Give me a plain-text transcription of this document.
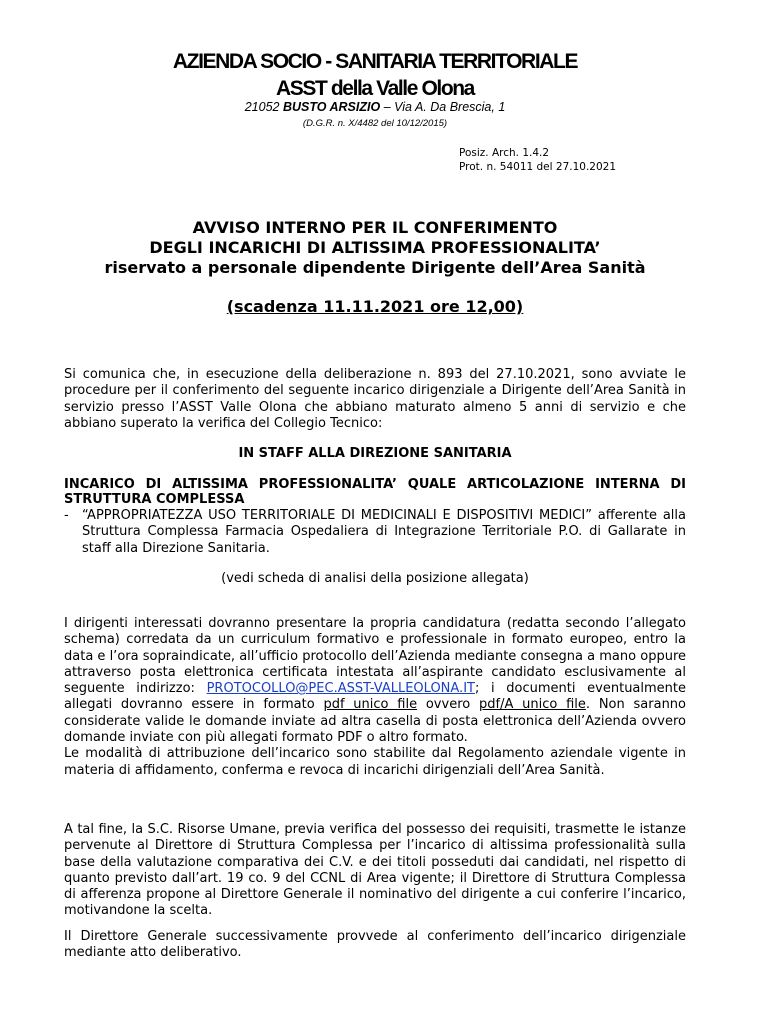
AZIENDA SOCIO - SANITARIA TERRITORIALE
ASST della Valle Olona
21052 BUSTO ARSIZIO – Via A. Da Brescia, 1
(D.G.R. n. X/4482 del 10/12/2015)
Posiz. Arch. 1.4.2
Prot. n. 54011 del 27.10.2021
AVVISO INTERNO PER IL CONFERIMENTO
DEGLI INCARICHI DI ALTISSIMA PROFESSIONALITA’
riservato a personale dipendente Dirigente dell’Area Sanità
(scadenza 11.11.2021 ore 12,00)
Si comunica che, in esecuzione della deliberazione n. 893 del 27.10.2021, sono avviate le procedure per il conferimento del seguente incarico dirigenziale a Dirigente dell’Area Sanità in servizio presso l’ASST Valle Olona che abbiano maturato almeno 5 anni di servizio e che abbiano superato la verifica del Collegio Tecnico:
IN STAFF ALLA DIREZIONE SANITARIA
INCARICO DI ALTISSIMA PROFESSIONALITA’ QUALE ARTICOLAZIONE INTERNA DI STRUTTURA COMPLESSA
- “APPROPRIATEZZA USO TERRITORIALE DI MEDICINALI E DISPOSITIVI MEDICI” afferente alla Struttura Complessa Farmacia Ospedaliera di Integrazione Territoriale P.O. di Gallarate in staff alla Direzione Sanitaria.
(vedi scheda di analisi della posizione allegata)
I dirigenti interessati dovranno presentare la propria candidatura (redatta secondo l’allegato schema) corredata da un curriculum formativo e professionale in formato europeo, entro la data e l’ora sopraindicate, all’ufficio protocollo dell’Azienda mediante consegna a mano oppure attraverso posta elettronica certificata intestata all’aspirante candidato esclusivamente al seguente indirizzo: PROTOCOLLO@PEC.ASST-VALLEOLONA.IT; i documenti eventualmente allegati dovranno essere in formato pdf unico file ovvero pdf/A unico file. Non saranno considerate valide le domande inviate ad altra casella di posta elettronica dell’Azienda ovvero domande inviate con più allegati formato PDF o altro formato.
Le modalità di attribuzione dell’incarico sono stabilite dal Regolamento aziendale vigente in materia di affidamento, conferma e revoca di incarichi dirigenziali dell’Area Sanità.
A tal fine, la S.C. Risorse Umane, previa verifica del possesso dei requisiti, trasmette le istanze pervenute al Direttore di Struttura Complessa per l’incarico di altissima professionalità sulla base della valutazione comparativa dei C.V. e dei titoli posseduti dai candidati, nel rispetto di quanto previsto dall’art. 19 co. 9 del CCNL di Area vigente; il Direttore di Struttura Complessa di afferenza propone al Direttore Generale il nominativo del dirigente a cui conferire l’incarico, motivandone la scelta.
Il Direttore Generale successivamente provvede al conferimento dell’incarico dirigenziale mediante atto deliberativo.
